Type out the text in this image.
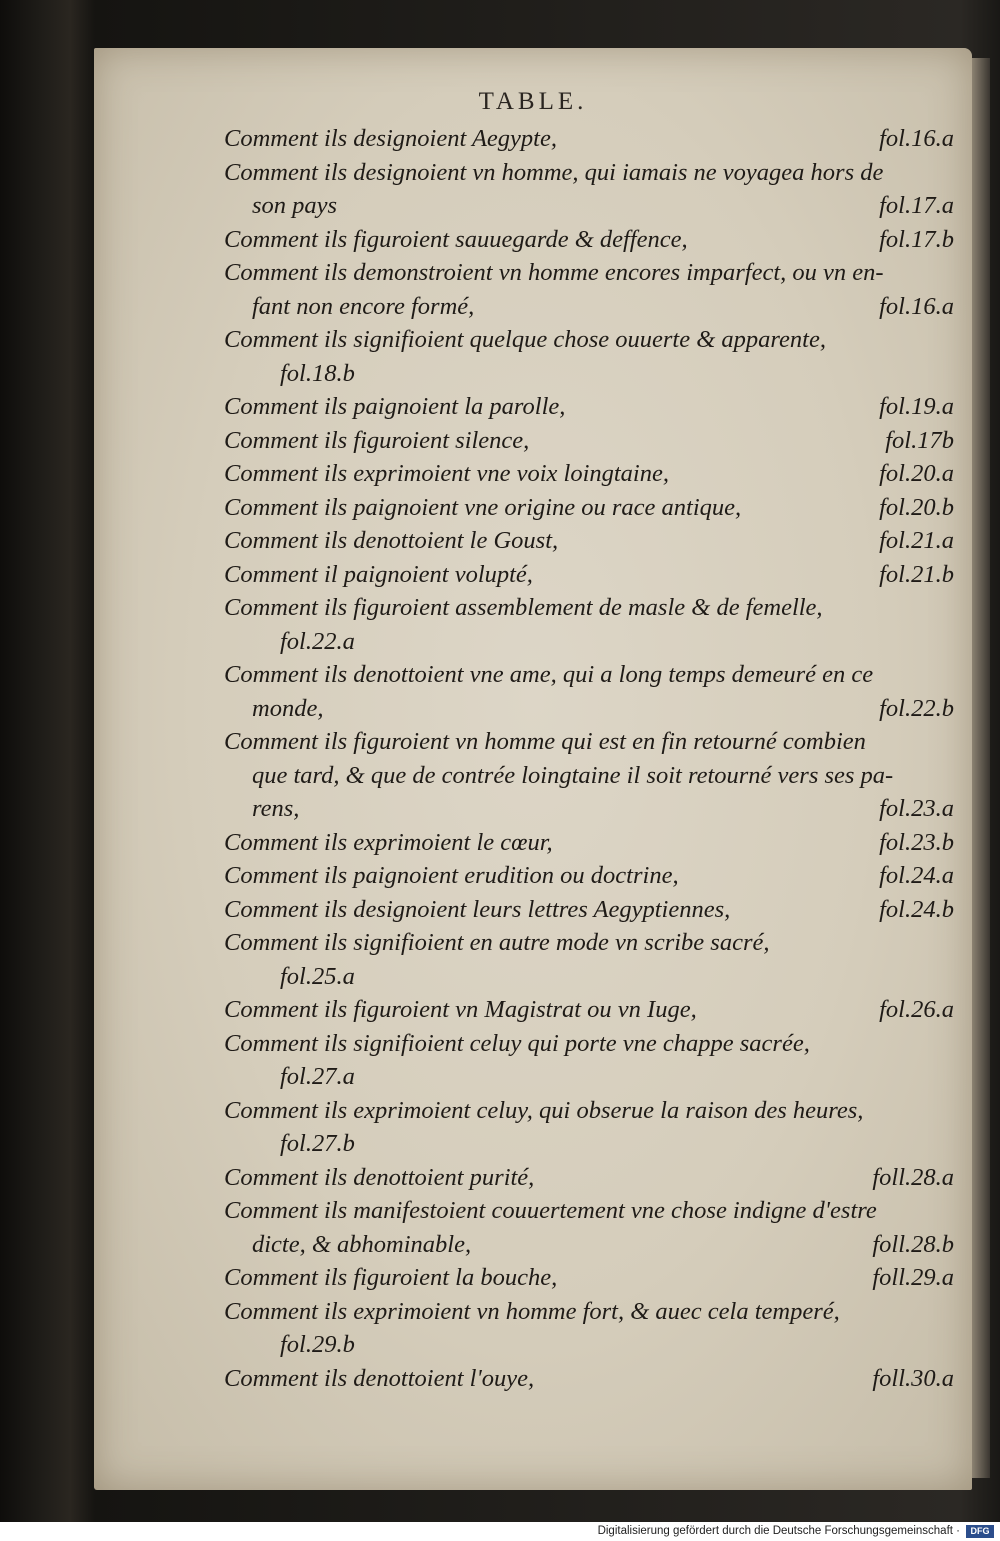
TABLE.
Comment ils designoient Aegypte,	fol.16.a
Comment ils designoient vn homme, qui iamais ne voyagea hors de
son pays	fol.17.a
Comment ils figuroient sauuegarde & deffence,	fol.17.b
Comment ils demonstroient vn homme encores imparfect, ou vn en-
fant non encore formé,	fol.16.a
Comment ils signifioient quelque chose ouuerte & apparente,
fol.18.b
Comment ils paignoient la parolle,	fol.19.a
Comment ils figuroient silence,	fol.17b
Comment ils exprimoient vne voix loingtaine,	fol.20.a
Comment ils paignoient vne origine ou race antique,	fol.20.b
Comment ils denottoient le Goust,	fol.21.a
Comment il paignoient volupté,	fol.21.b
Comment ils figuroient assemblement de masle & de femelle,
fol.22.a
Comment ils denottoient vne ame, qui a long temps demeuré en ce
monde,	fol.22.b
Comment ils figuroient vn homme qui est en fin retourné combien
que tard, & que de contrée loingtaine il soit retourné vers ses pa-
rens,	fol.23.a
Comment ils exprimoient le cœur,	fol.23.b
Comment ils paignoient erudition ou doctrine,	fol.24.a
Comment ils designoient leurs lettres Aegyptiennes,	fol.24.b
Comment ils signifioient en autre mode vn scribe sacré,
fol.25.a
Comment ils figuroient vn Magistrat ou vn Iuge,	fol.26.a
Comment ils signifioient celuy qui porte vne chappe sacrée,
fol.27.a
Comment ils exprimoient celuy, qui obserue la raison des heures,
fol.27.b
Comment ils denottoient purité,	foll.28.a
Comment ils manifestoient couuertement vne chose indigne d'estre
dicte, & abhominable,	foll.28.b
Comment ils figuroient la bouche,	foll.29.a
Comment ils exprimoient vn homme fort, & auec cela temperé,
fol.29.b
Comment ils denottoient l'ouye,	foll.30.a
Digitalisierung gefördert durch die Deutsche Forschungsgemeinschaft ·	DFG
